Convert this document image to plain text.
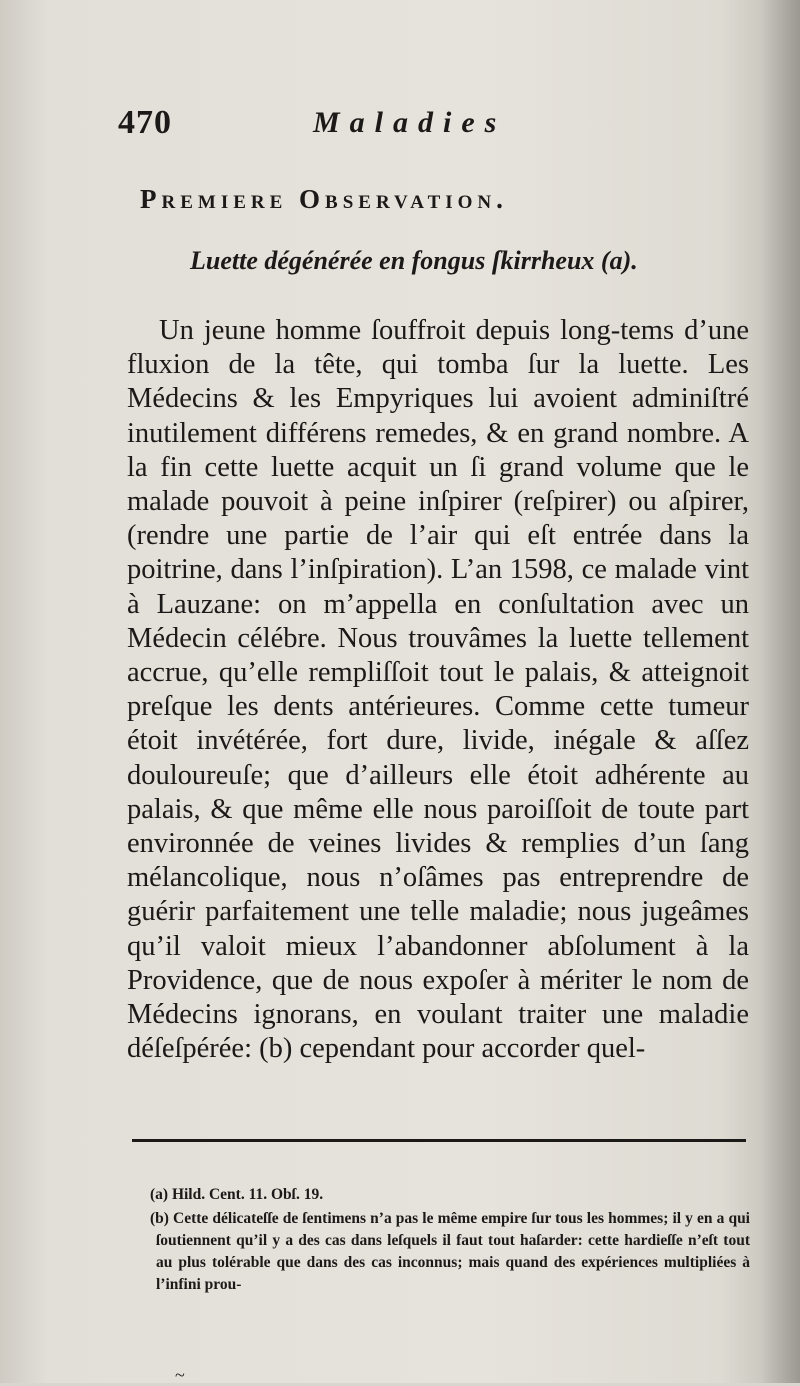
470	Maladies
Premiere Observation.
Luette dégénérée en fongus ſkirrheux (a).

Un jeune homme ſouffroit depuis long-tems d’une fluxion de la tête, qui tomba ſur la luette. Les Médecins & les Empyriques lui avoient adminiſtré inutilement différens remedes, & en grand nombre. A la fin cette luette acquit un ſi grand volume que le malade pouvoit à peine inſpirer (reſpirer) ou aſpirer, (rendre une partie de l’air qui eſt entrée dans la poitrine, dans l’inſpiration). L’an 1598, ce malade vint à Lauzane: on m’appella en conſultation avec un Médecin célébre. Nous trouvâmes la luette tellement accrue, qu’elle rempliſſoit tout le palais, & atteignoit preſque les dents antérieures. Comme cette tumeur étoit invétérée, fort dure, livide, inégale & aſſez douloureuſe; que d’ailleurs elle étoit adhérente au palais, & que même elle nous paroiſſoit de toute part environnée de veines livides & remplies d’un ſang mélancolique, nous n’oſâmes pas entreprendre de guérir parfaitement une telle maladie; nous jugeâmes qu’il valoit mieux l’abandonner abſolument à la Providence, que de nous expoſer à mériter le nom de Médecins ignorans, en voulant traiter une maladie déſeſpérée: (b) cependant pour accorder quel-

(a) Hild. Cent. 11. Obſ. 19.

(b) Cette délicateſſe de ſentimens n’a pas le même empire ſur tous les hommes; il y en a qui ſoutiennent qu’il y a des cas dans leſquels il faut tout haſarder: cette hardieſſe n’eſt tout au plus tolérable que dans des cas inconnus; mais quand des expériences multipliées à l’infini prou-

~
